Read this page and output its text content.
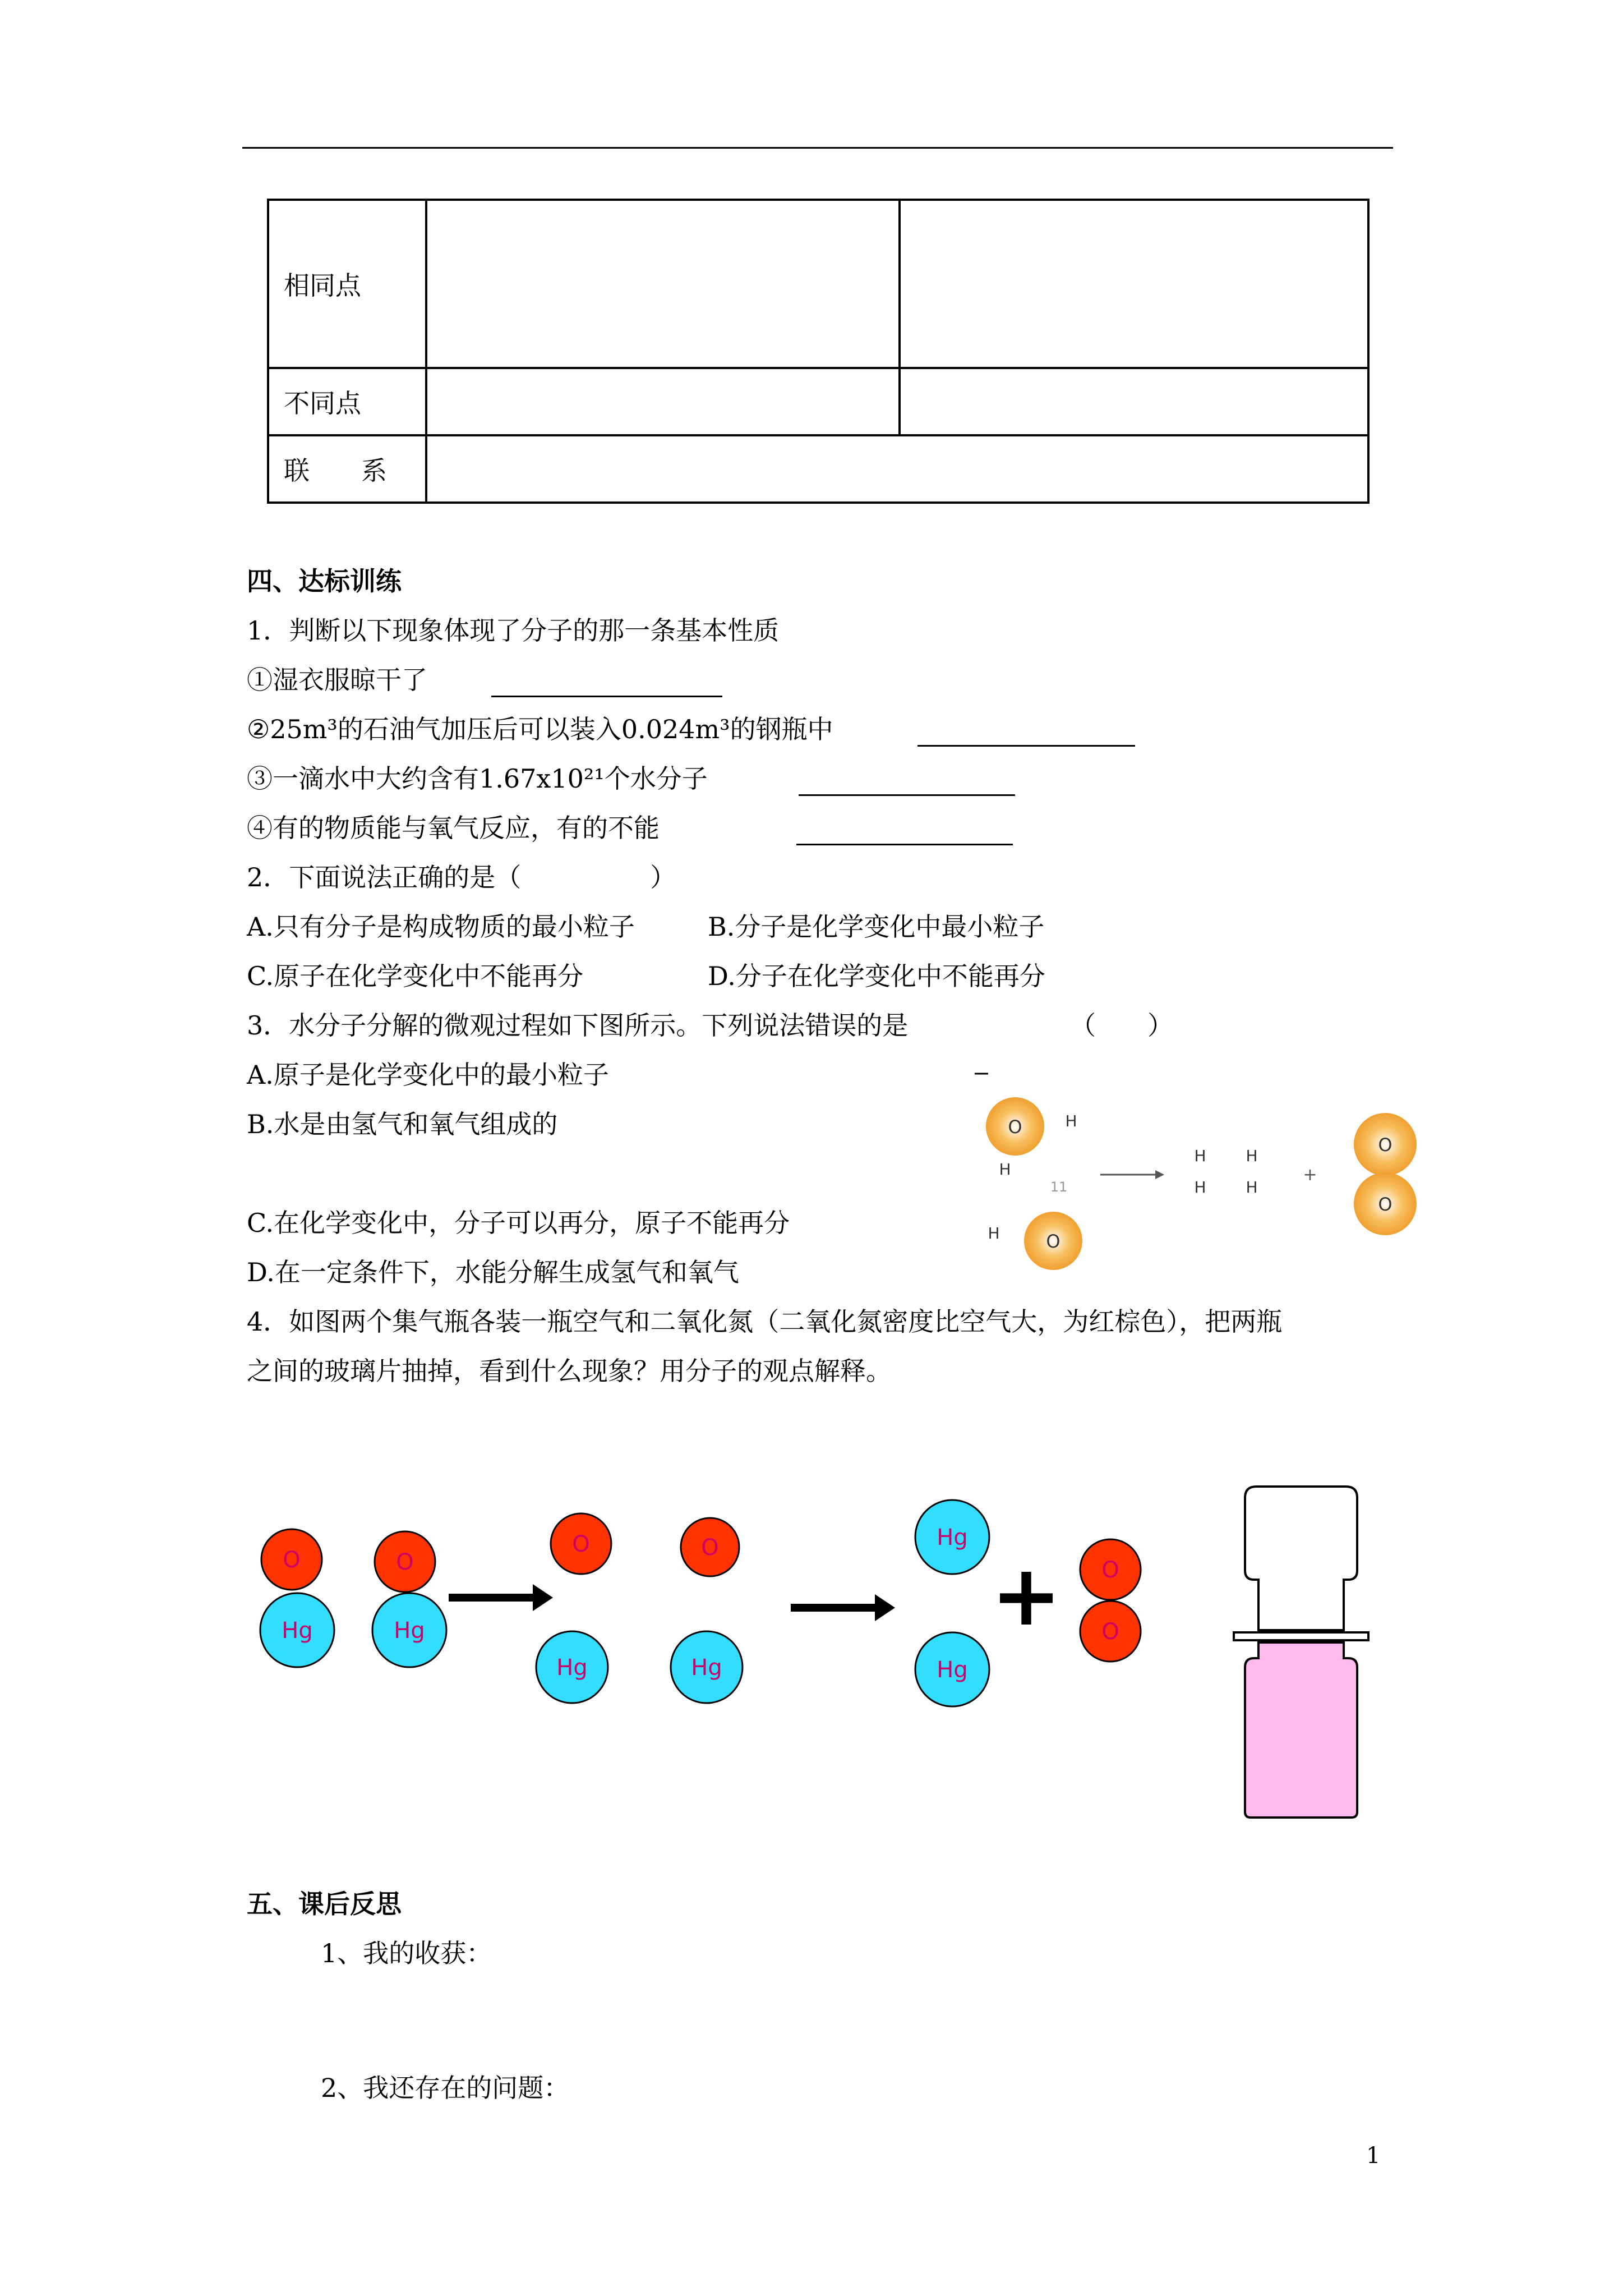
相同点		
不同点		
联　　系		
四、达标训练
1．判断以下现象体现了分子的那一条基本性质
①湿衣服晾干了
②25m³的石油气加压后可以装入0.024m³的钢瓶中
③一滴水中大约含有1.67x10²¹个水分子
④有的物质能与氧气反应，有的不能
2．下面说法正确的是（　　　　　）
A.只有分子是构成物质的最小粒子	B.分子是化学变化中最小粒子
C.原子在化学变化中不能再分	D.分子在化学变化中不能再分
3．水分子分解的微观过程如下图所示。下列说法错误的是	（　　）
A.原子是化学变化中的最小粒子
B.水是由氢气和氧气组成的
C.在化学变化中，分子可以再分，原子不能再分
D.在一定条件下，水能分解生成氢气和氧气
O	H
H
11
O
H
H
H
H
H
+
O
O
4．如图两个集气瓶各装一瓶空气和二氧化氮（二氧化氮密度比空气大，为红棕色），把两瓶
之间的玻璃片抽掉，看到什么现象？用分子的观点解释。
O
Hg
O
Hg
O	O
Hg	Hg
Hg
Hg
+ O
O
五、课后反思
1、我的收获：
2、我还存在的问题：
1
